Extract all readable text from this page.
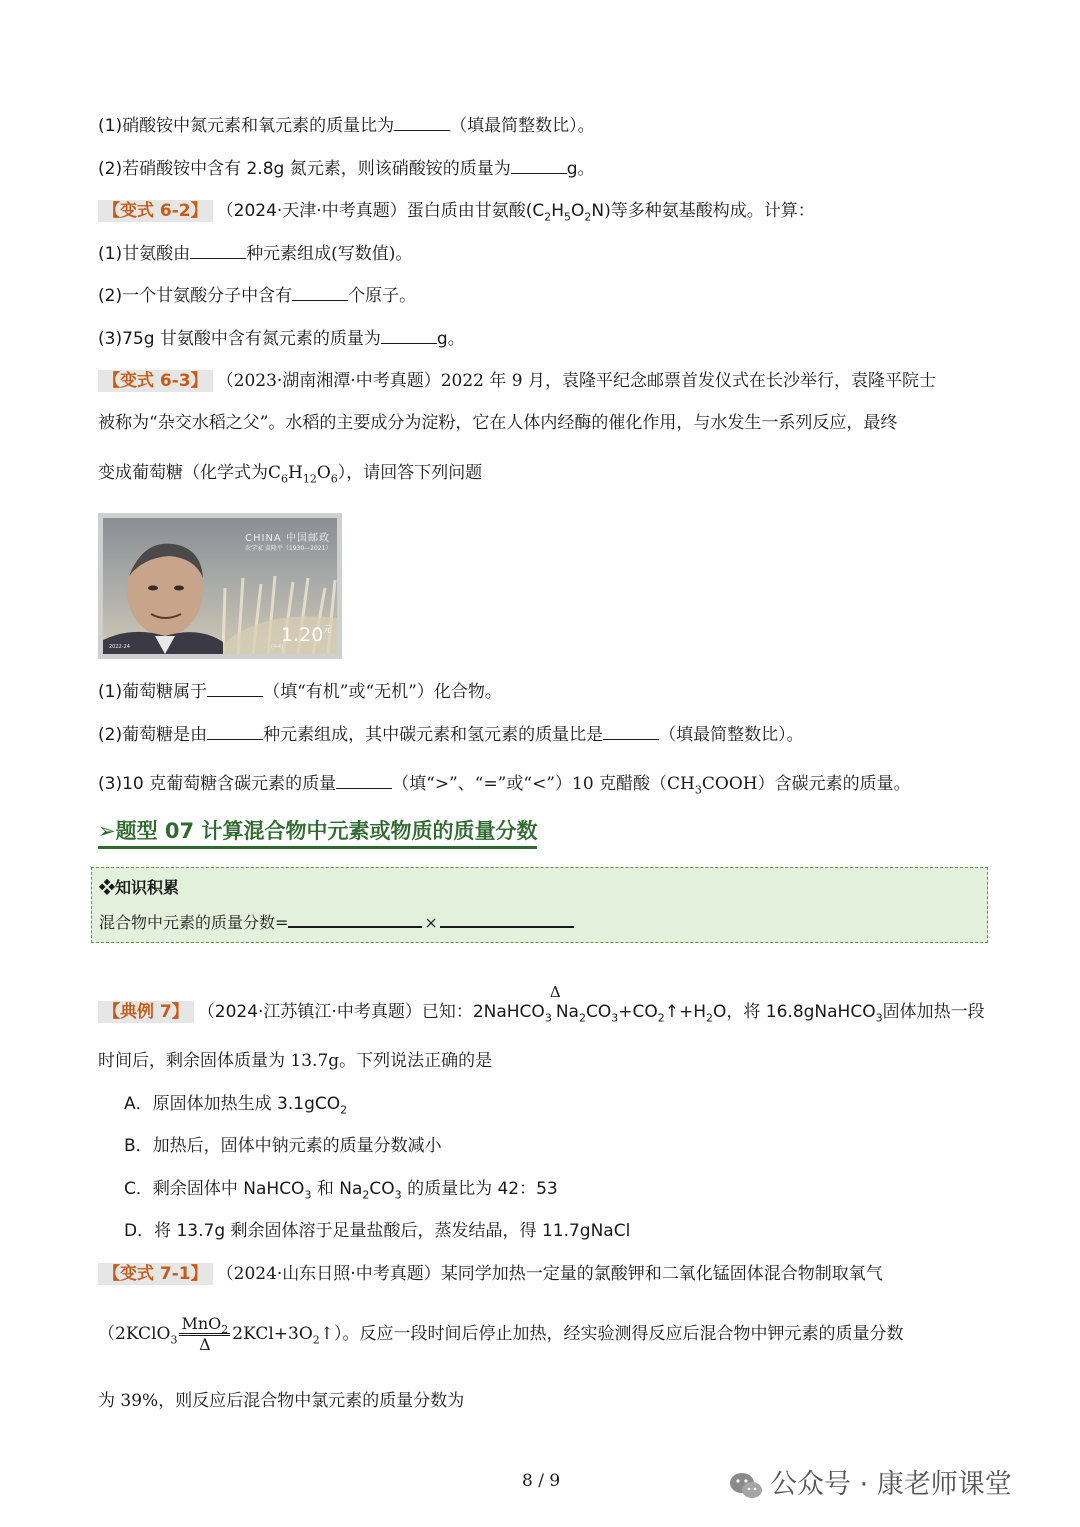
(1)硝酸铵中氮元素和氧元素的质量比为	（填最简整数比）。
(2)若硝酸铵中含有 2.8g 氮元素，则该硝酸铵的质量为	g。
【变式 6-2】 （2024·天津·中考真题）蛋白质由甘氨酸$(C_2H_5O_2N)$等多种氨基酸构成。计算：
(1)甘氨酸由	种元素组成(写数值)。
(2)一个甘氨酸分子中含有	个原子。
(3)75g 甘氨酸中含有氮元素的质量为	g。
【变式 6-3】 （2023·湖南湘潭·中考真题）2022 年 9 月，袁隆平纪念邮票首发仪式在长沙举行，袁隆平院士
被称为“杂交水稻之父”。水稻的主要成分为淀粉，它在人体内经酶的催化作用，与水发生一系列反应，最终
变成葡萄糖（化学式为$C_6H_{12}O_6$），请回答下列问题
CHINA 中国邮政
农学家 袁隆平（1930—2021）
$1.20^元$
2022-24	(4-4)
(1)葡萄糖属于	（填“有机”或“无机”）化合物。
(2)葡萄糖是由	种元素组成，其中碳元素和氢元素的质量比是	（填最简整数比）。
(3)10 克葡萄糖含碳元素的质量	（填“>”、“=”或“<”）10 克醋酸$(CH_3COOH)$含碳元素的质量。
➢题型 07 计算混合物中元素或物质的质量分数
❖知识积累
混合物中元素的质量分数=	×
【典例 7】 （2024·江苏镇江·中考真题）已知：2NaHCO$_3$
Δ
$Na_2CO_3+CO_2↑+H_2O$，将 16.8gNaHCO$_3$固体加热一段
时间后，剩余固体质量为 13.7g。下列说法正确的是
A．原固体加热生成 3.1gCO$_2$
B．加热后，固体中钠元素的质量分数减小
C．剩余固体中 NaHCO$_3$ 和 $Na_2CO_3$ 的质量比为 42：53
D．将 13.7g 剩余固体溶于足量盐酸后，蒸发结晶，得 11.7gNaCl
【变式 7-1】 （2024·山东日照·中考真题）某同学加热一定量的氯酸钾和二氧化锰固体混合物制取氧气
（2KClO$_3$ $\frac{MnO_2}{\Delta}$ $2KCl+3O_2↑$）。反应一段时间后停止加热，经实验测得反应后混合物中钾元素的质量分数
为 39%，则反应后混合物中氯元素的质量分数为
8 / 9	公众号 · 康老师课堂
